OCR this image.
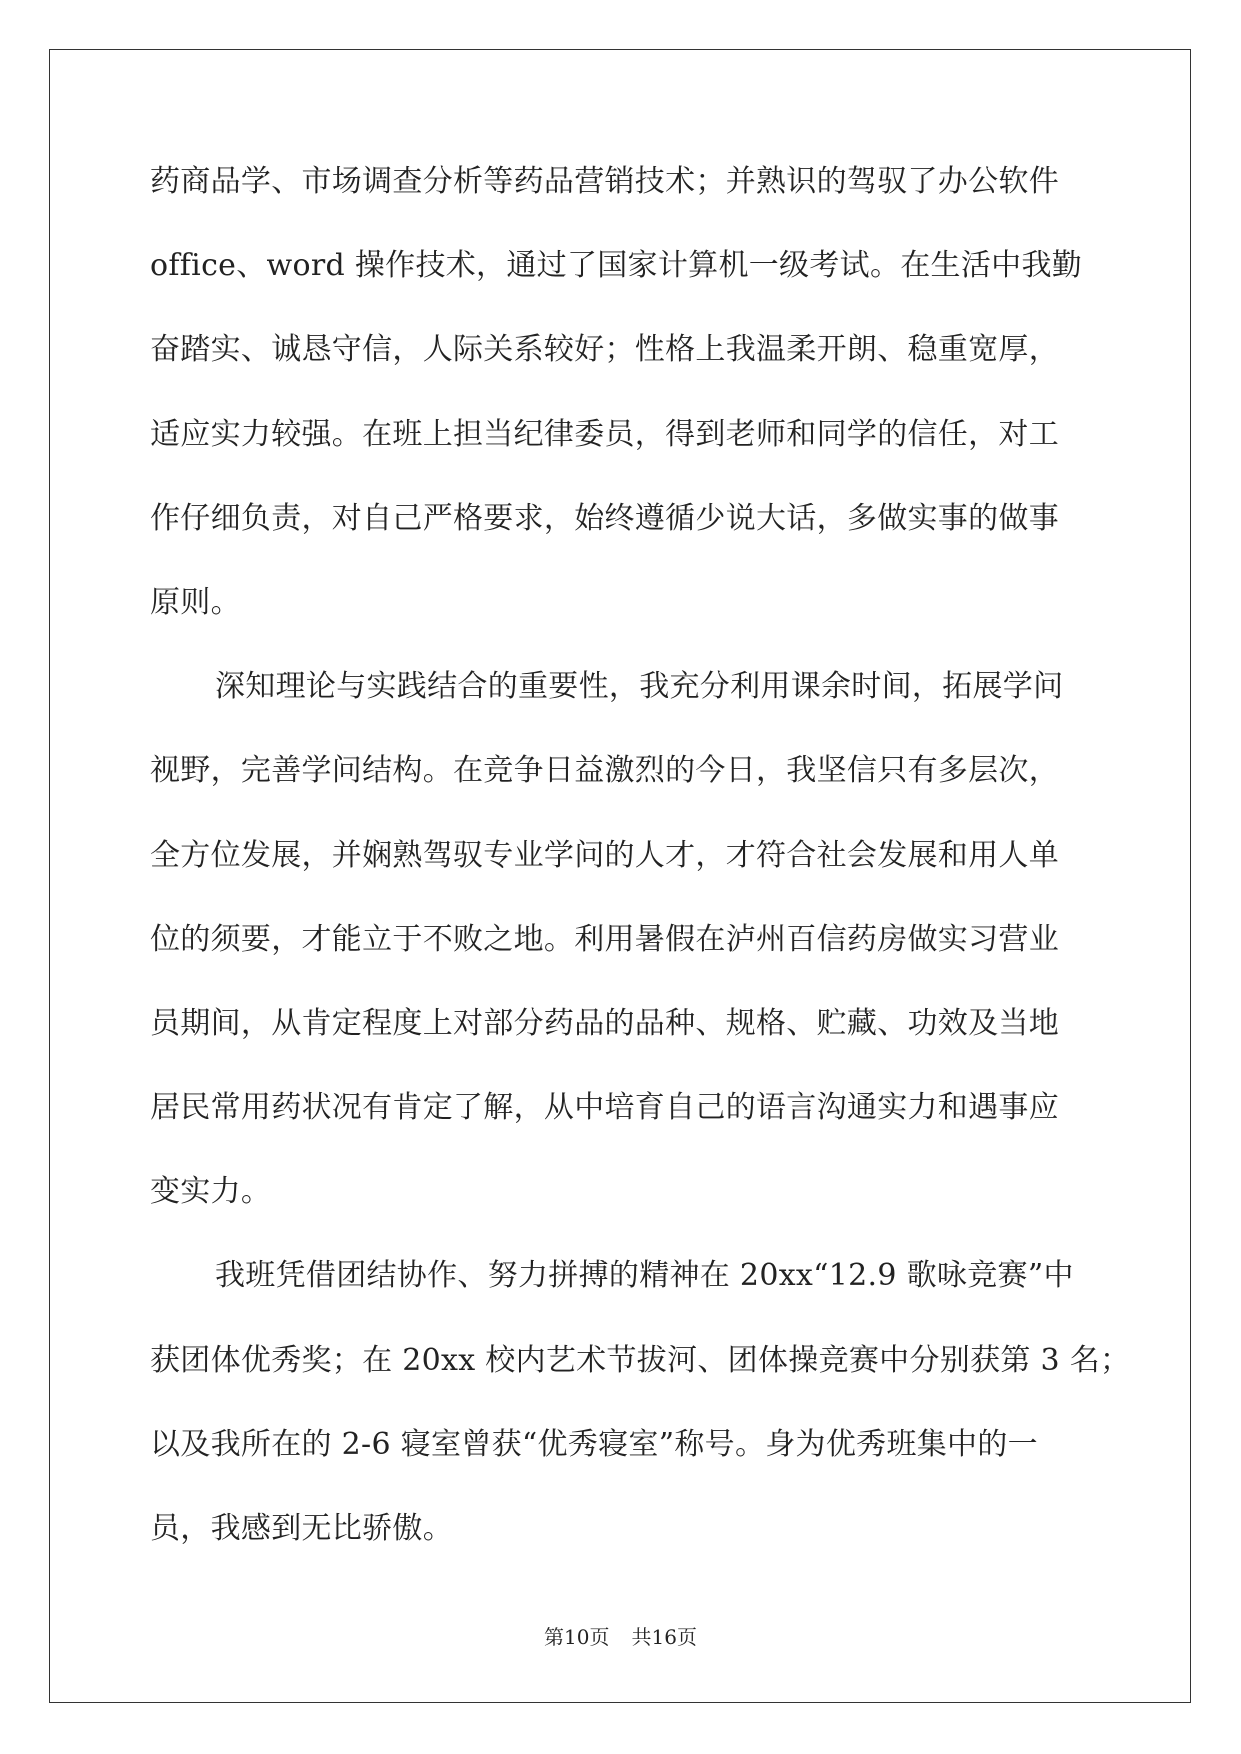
药商品学、市场调查分析等药品营销技术；并熟识的驾驭了办公软件
office、word 操作技术，通过了国家计算机一级考试。在生活中我勤
奋踏实、诚恳守信，人际关系较好；性格上我温柔开朗、稳重宽厚，
适应实力较强。在班上担当纪律委员，得到老师和同学的信任，对工
作仔细负责，对自己严格要求，始终遵循少说大话，多做实事的做事
原则。
深知理论与实践结合的重要性，我充分利用课余时间，拓展学问
视野，完善学问结构。在竞争日益激烈的今日，我坚信只有多层次，
全方位发展，并娴熟驾驭专业学问的人才，才符合社会发展和用人单
位的须要，才能立于不败之地。利用暑假在泸州百信药房做实习营业
员期间，从肯定程度上对部分药品的品种、规格、贮藏、功效及当地
居民常用药状况有肯定了解，从中培育自己的语言沟通实力和遇事应
变实力。
我班凭借团结协作、努力拼搏的精神在 20xx“12.9 歌咏竞赛”中
获团体优秀奖；在 20xx 校内艺术节拔河、团体操竞赛中分别获第 3 名；
以及我所在的 2-6 寝室曾获“优秀寝室”称号。身为优秀班集中的一
员，我感到无比骄傲。
第10页 共16页
